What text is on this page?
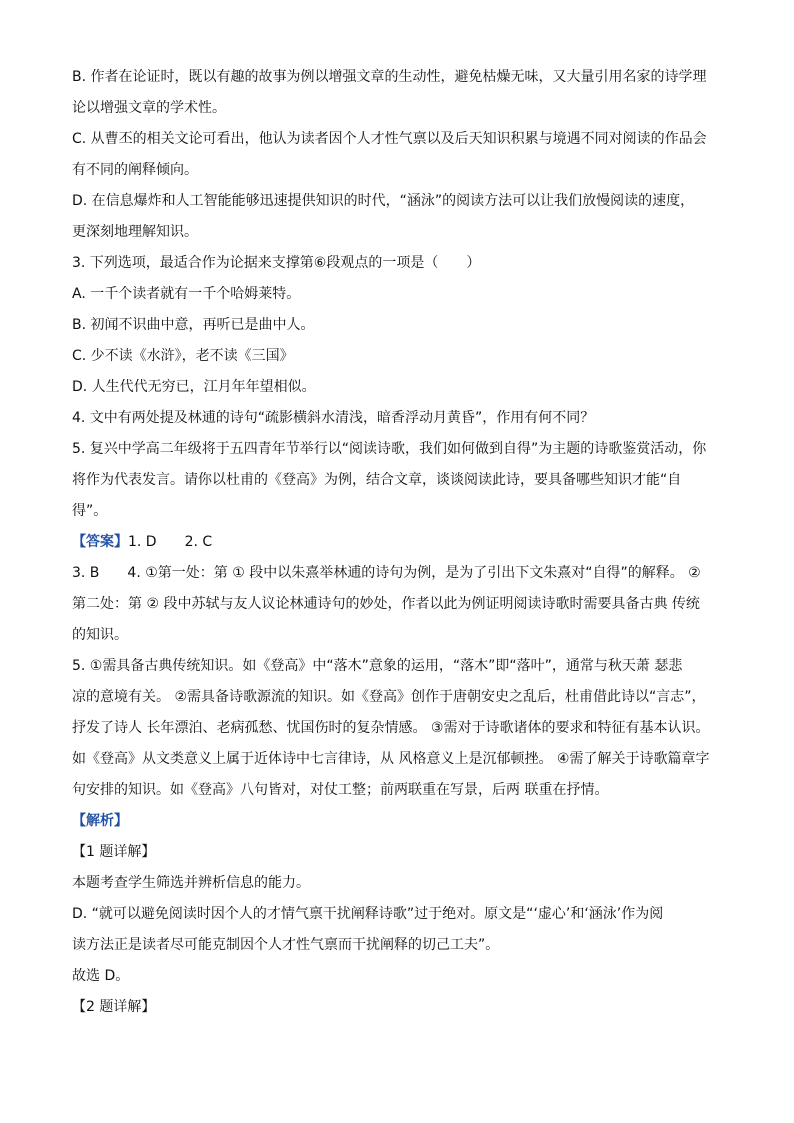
B. 作者在论证时，既以有趣的故事为例以增强文章的生动性，避免枯燥无味，又大量引用名家的诗学理
论以增强文章的学术性。
C. 从曹丕的相关文论可看出，他认为读者因个人才性气禀以及后天知识积累与境遇不同对阅读的作品会
有不同的阐释倾向。
D. 在信息爆炸和人工智能能够迅速提供知识的时代，“涵泳”的阅读方法可以让我们放慢阅读的速度，
更深刻地理解知识。
3. 下列选项，最适合作为论据来支撑第⑥段观点的一项是（　　）
A. 一千个读者就有一千个哈姆莱特。
B. 初闻不识曲中意，再听已是曲中人。
C. 少不读《水浒》，老不读《三国》
D. 人生代代无穷已，江月年年望相似。
4. 文中有两处提及林逋的诗句“疏影横斜水清浅，暗香浮动月黄昏”，作用有何不同？
5. 复兴中学高二年级将于五四青年节举行以“阅读诗歌，我们如何做到自得”为主题的诗歌鉴赏活动，你
将作为代表发言。请你以杜甫的《登高》为例，结合文章，谈谈阅读此诗，要具备哪些知识才能“自
得”。
【答案】1. D　　2. C
3. B　　4. ①第一处：第 ① 段中以朱熹举林逋的诗句为例，是为了引出下文朱熹对“自得”的解释。 ②
第二处：第 ② 段中苏轼与友人议论林逋诗句的妙处，作者以此为例证明阅读诗歌时需要具备古典 传统
的知识。
5. ①需具备古典传统知识。如《登高》中“落木”意象的运用，“落木”即“落叶”，通常与秋天萧 瑟悲
凉的意境有关。 ②需具备诗歌源流的知识。如《登高》创作于唐朝安史之乱后，杜甫借此诗以“言志”，
抒发了诗人 长年漂泊、老病孤愁、忧国伤时的复杂情感。 ③需对于诗歌诸体的要求和特征有基本认识。
如《登高》从文类意义上属于近体诗中七言律诗，从 风格意义上是沉郁顿挫。 ④需了解关于诗歌篇章字
句安排的知识。如《登高》八句皆对，对仗工整；前两联重在写景，后两 联重在抒情。
【解析】
【1 题详解】
本题考查学生筛选并辨析信息的能力。
D. “就可以避免阅读时因个人的才情气禀干扰阐释诗歌”过于绝对。原文是“‘虚心’和‘涵泳’作为阅
读方法正是读者尽可能克制因个人才性气禀而干扰阐释的切己工夫”。
故选 D。
【2 题详解】
